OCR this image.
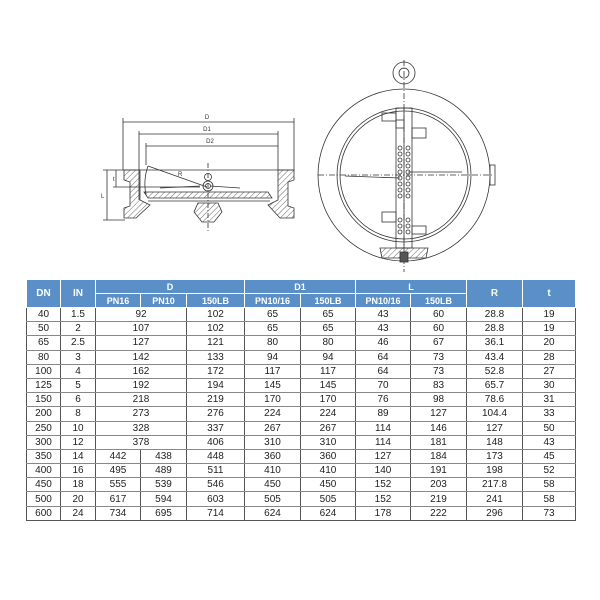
D
D1
D2
R
t
L
DN	IN	D			D1		L		R	t
		PN16	PN10	150LB	PN10/16	150LB	PN10/16	150LB		
40	1.5	92		102	65	65	43	60	28.8	19
50	2	107		102	65	65	43	60	28.8	19
65	2.5	127		121	80	80	46	67	36.1	20
80	3	142		133	94	94	64	73	43.4	28
100	4	162		172	117	117	64	73	52.8	27
125	5	192		194	145	145	70	83	65.7	30
150	6	218		219	170	170	76	98	78.6	31
200	8	273		276	224	224	89	127	104.4	33
250	10	328		337	267	267	114	146	127	50
300	12	378		406	310	310	114	181	148	43
350	14	442	438	448	360	360	127	184	173	45
400	16	495	489	511	410	410	140	191	198	52
450	18	555	539	546	450	450	152	203	217.8	58
500	20	617	594	603	505	505	152	219	241	58
600	24	734	695	714	624	624	178	222	296	73
